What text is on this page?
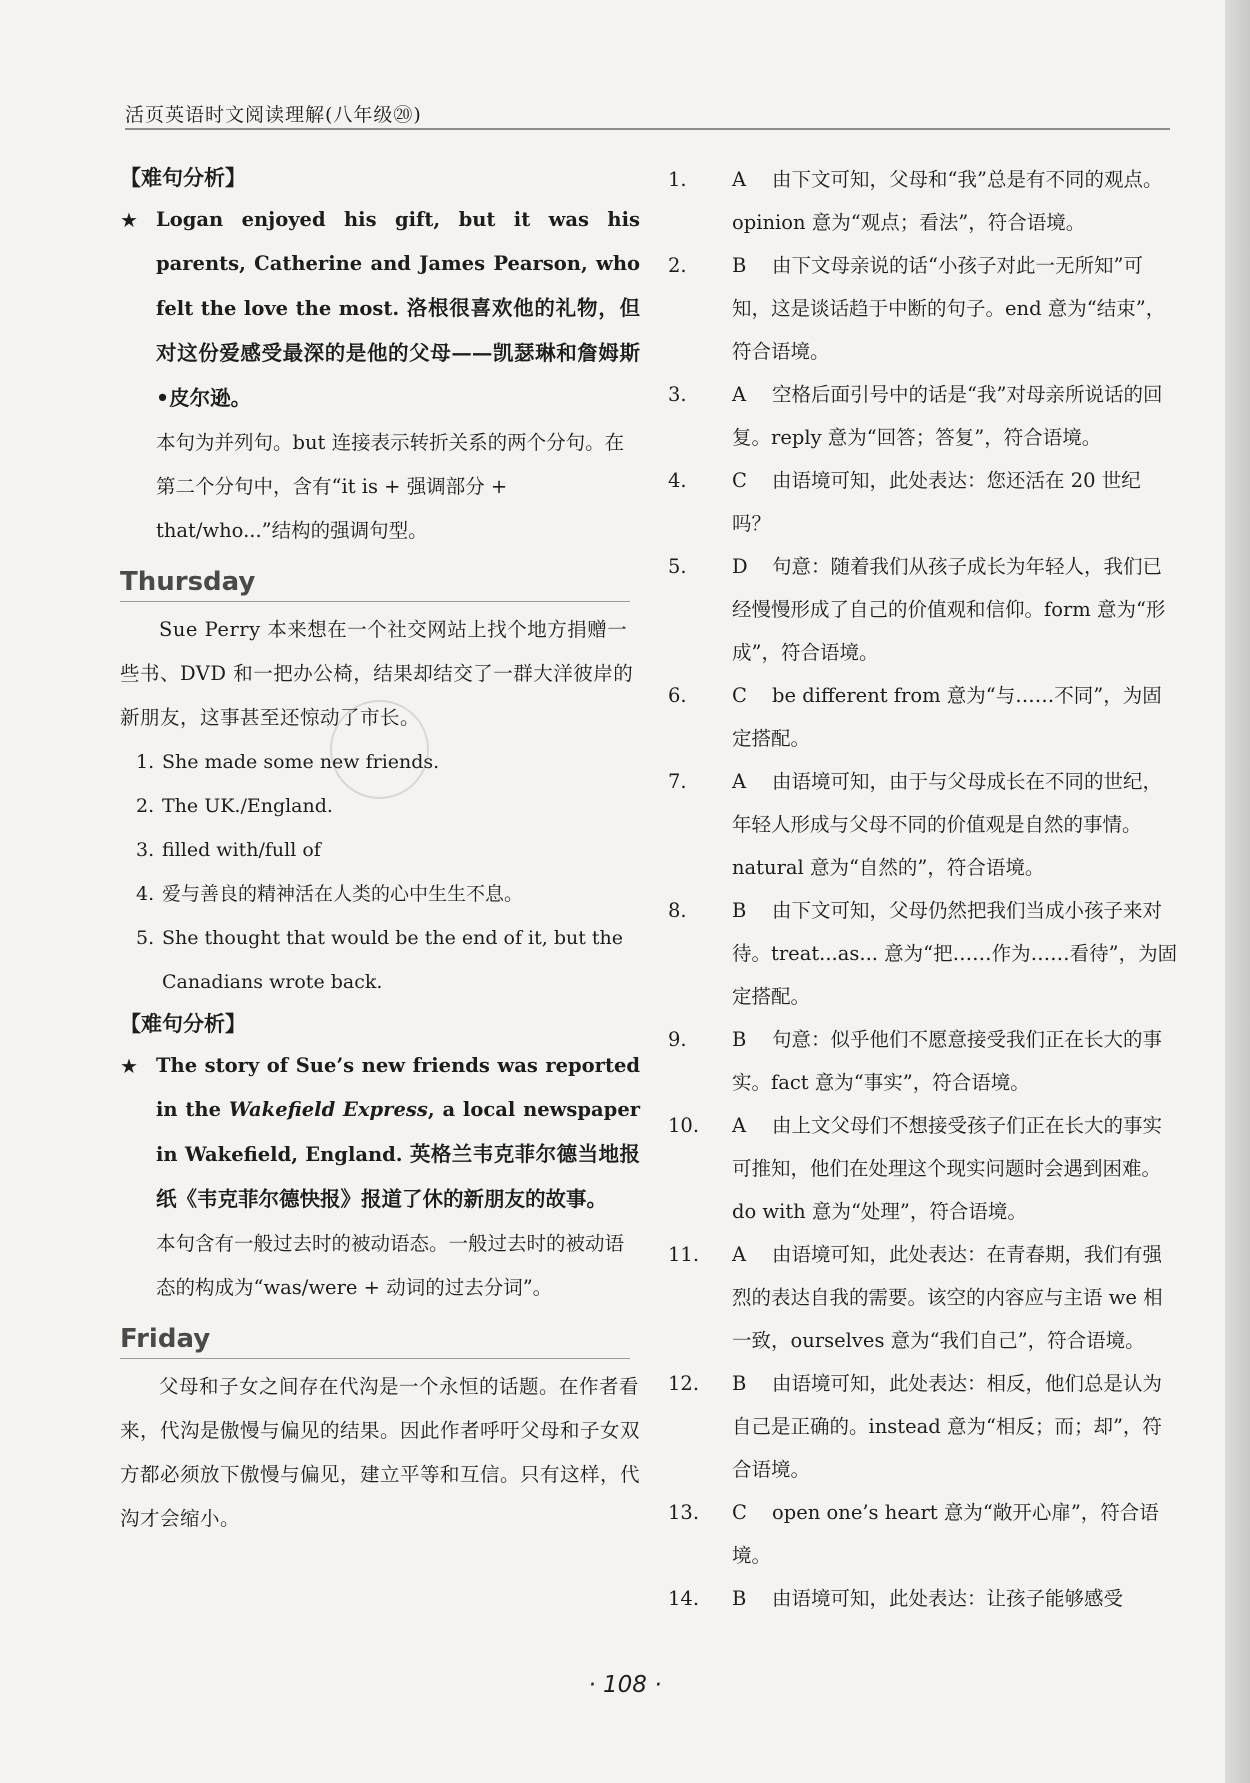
活页英语时文阅读理解(八年级⑳)
【难句分析】
★ Logan enjoyed his gift, but it was his parents, Catherine and James Pearson, who felt the love the most. 洛根很喜欢他的礼物，但对这份爱感受最深的是他的父母——凯瑟琳和詹姆斯•皮尔逊。
本句为并列句。but 连接表示转折关系的两个分句。在第二个分句中，含有“it is + 强调部分 + that/who...”结构的强调句型。
Thursday
Sue Perry 本来想在一个社交网站上找个地方捐赠一些书、DVD 和一把办公椅，结果却结交了一群大洋彼岸的新朋友，这事甚至还惊动了市长。
1. She made some new friends.
2. The UK./England.
3. filled with/full of
4. 爱与善良的精神活在人类的心中生生不息。
5. She thought that would be the end of it, but the Canadians wrote back.
【难句分析】
★ The story of Sue’s new friends was reported in the Wakefield Express, a local newspaper in Wakefield, England. 英格兰韦克菲尔德当地报纸《韦克菲尔德快报》报道了休的新朋友的故事。
本句含有一般过去时的被动语态。一般过去时的被动语态的构成为“was/were + 动词的过去分词”。
Friday
父母和子女之间存在代沟是一个永恒的话题。在作者看来，代沟是傲慢与偏见的结果。因此作者呼吁父母和子女双方都必须放下傲慢与偏见，建立平等和互信。只有这样，代沟才会缩小。
1.	A 由下文可知，父母和“我”总是有不同的观点。opinion 意为“观点；看法”，符合语境。
2.	B 由下文母亲说的话“小孩子对此一无所知”可知，这是谈话趋于中断的句子。end 意为“结束”，符合语境。
3.	A 空格后面引号中的话是“我”对母亲所说话的回复。reply 意为“回答；答复”，符合语境。
4.	C 由语境可知，此处表达：您还活在 20 世纪吗？
5.	D 句意：随着我们从孩子成长为年轻人，我们已经慢慢形成了自己的价值观和信仰。form 意为“形成”，符合语境。
6.	C be different from 意为“与……不同”，为固定搭配。
7.	A 由语境可知，由于与父母成长在不同的世纪，年轻人形成与父母不同的价值观是自然的事情。natural 意为“自然的”，符合语境。
8.	B 由下文可知，父母仍然把我们当成小孩子来对待。treat...as... 意为“把……作为……看待”，为固定搭配。
9.	B 句意：似乎他们不愿意接受我们正在长大的事实。fact 意为“事实”，符合语境。
10.	A 由上文父母们不想接受孩子们正在长大的事实可推知，他们在处理这个现实问题时会遇到困难。do with 意为“处理”，符合语境。
11.	A 由语境可知，此处表达：在青春期，我们有强烈的表达自我的需要。该空的内容应与主语 we 相一致，ourselves 意为“我们自己”，符合语境。
12.	B 由语境可知，此处表达：相反，他们总是认为自己是正确的。instead 意为“相反；而；却”，符合语境。
13.	C open one’s heart 意为“敞开心扉”，符合语境。
14.	B 由语境可知，此处表达：让孩子能够感受
· 108 ·
